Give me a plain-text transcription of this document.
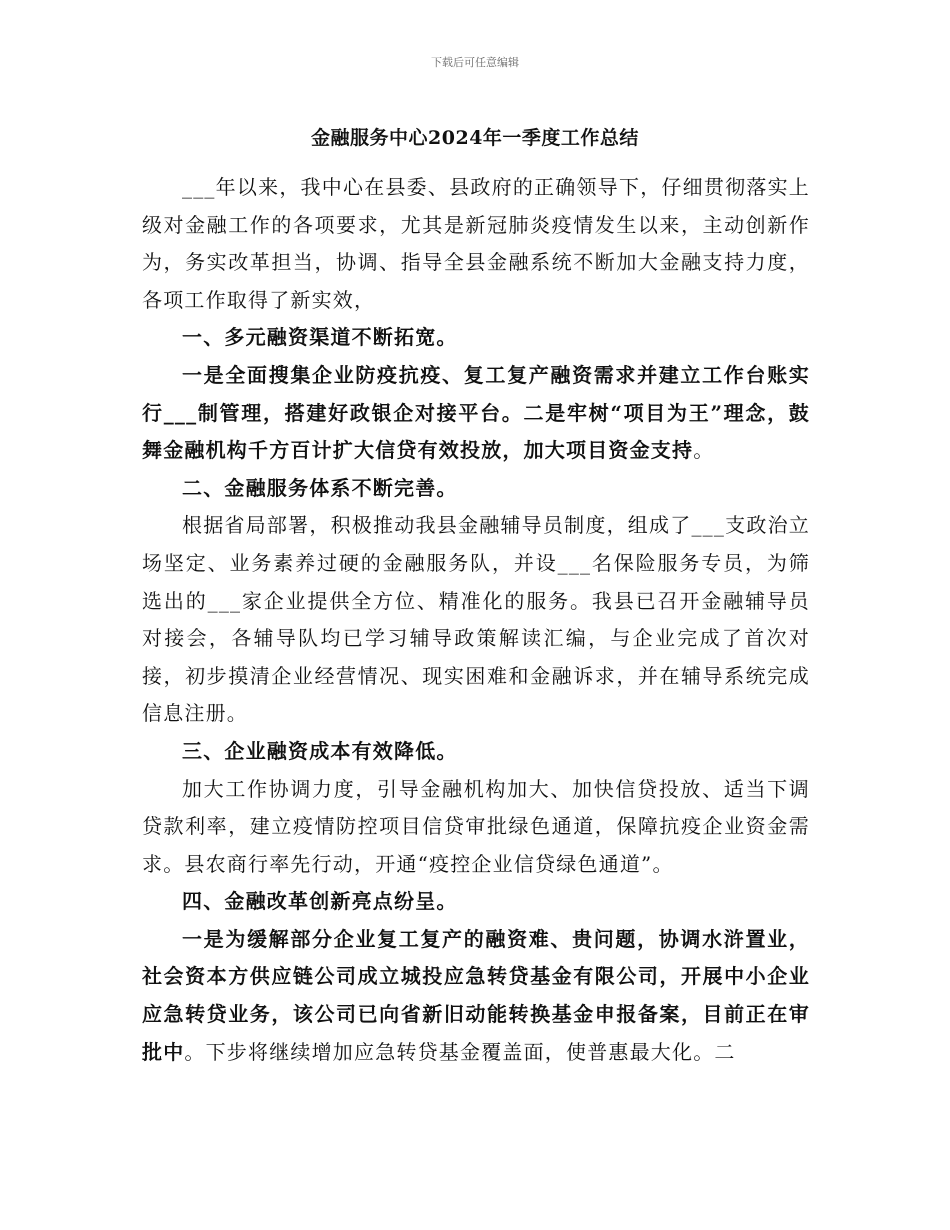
下载后可任意编辑
金融服务中心2024年一季度工作总结

___年以来，我中心在县委、县政府的正确领导下，仔细贯彻落实上级对金融工作的各项要求，尤其是新冠肺炎疫情发生以来，主动创新作为，务实改革担当，协调、指导全县金融系统不断加大金融支持力度，各项工作取得了新实效，

一、多元融资渠道不断拓宽。

一是全面搜集企业防疫抗疫、复工复产融资需求并建立工作台账实行___制管理，搭建好政银企对接平台。二是牢树“项目为王”理念，鼓舞金融机构千方百计扩大信贷有效投放，加大项目资金支持。

二、金融服务体系不断完善。

根据省局部署，积极推动我县金融辅导员制度，组成了___支政治立场坚定、业务素养过硬的金融服务队，并设___名保险服务专员，为筛选出的___家企业提供全方位、精准化的服务。我县已召开金融辅导员对接会，各辅导队均已学习辅导政策解读汇编，与企业完成了首次对接，初步摸清企业经营情况、现实困难和金融诉求，并在辅导系统完成信息注册。

三、企业融资成本有效降低。

加大工作协调力度，引导金融机构加大、加快信贷投放、适当下调贷款利率，建立疫情防控项目信贷审批绿色通道，保障抗疫企业资金需求。县农商行率先行动，开通“疫控企业信贷绿色通道”。

四、金融改革创新亮点纷呈。

一是为缓解部分企业复工复产的融资难、贵问题，协调水浒置业，社会资本方供应链公司成立城投应急转贷基金有限公司，开展中小企业应急转贷业务，该公司已向省新旧动能转换基金申报备案，目前正在审批中。下步将继续增加应急转贷基金覆盖面，使普惠最大化。二
